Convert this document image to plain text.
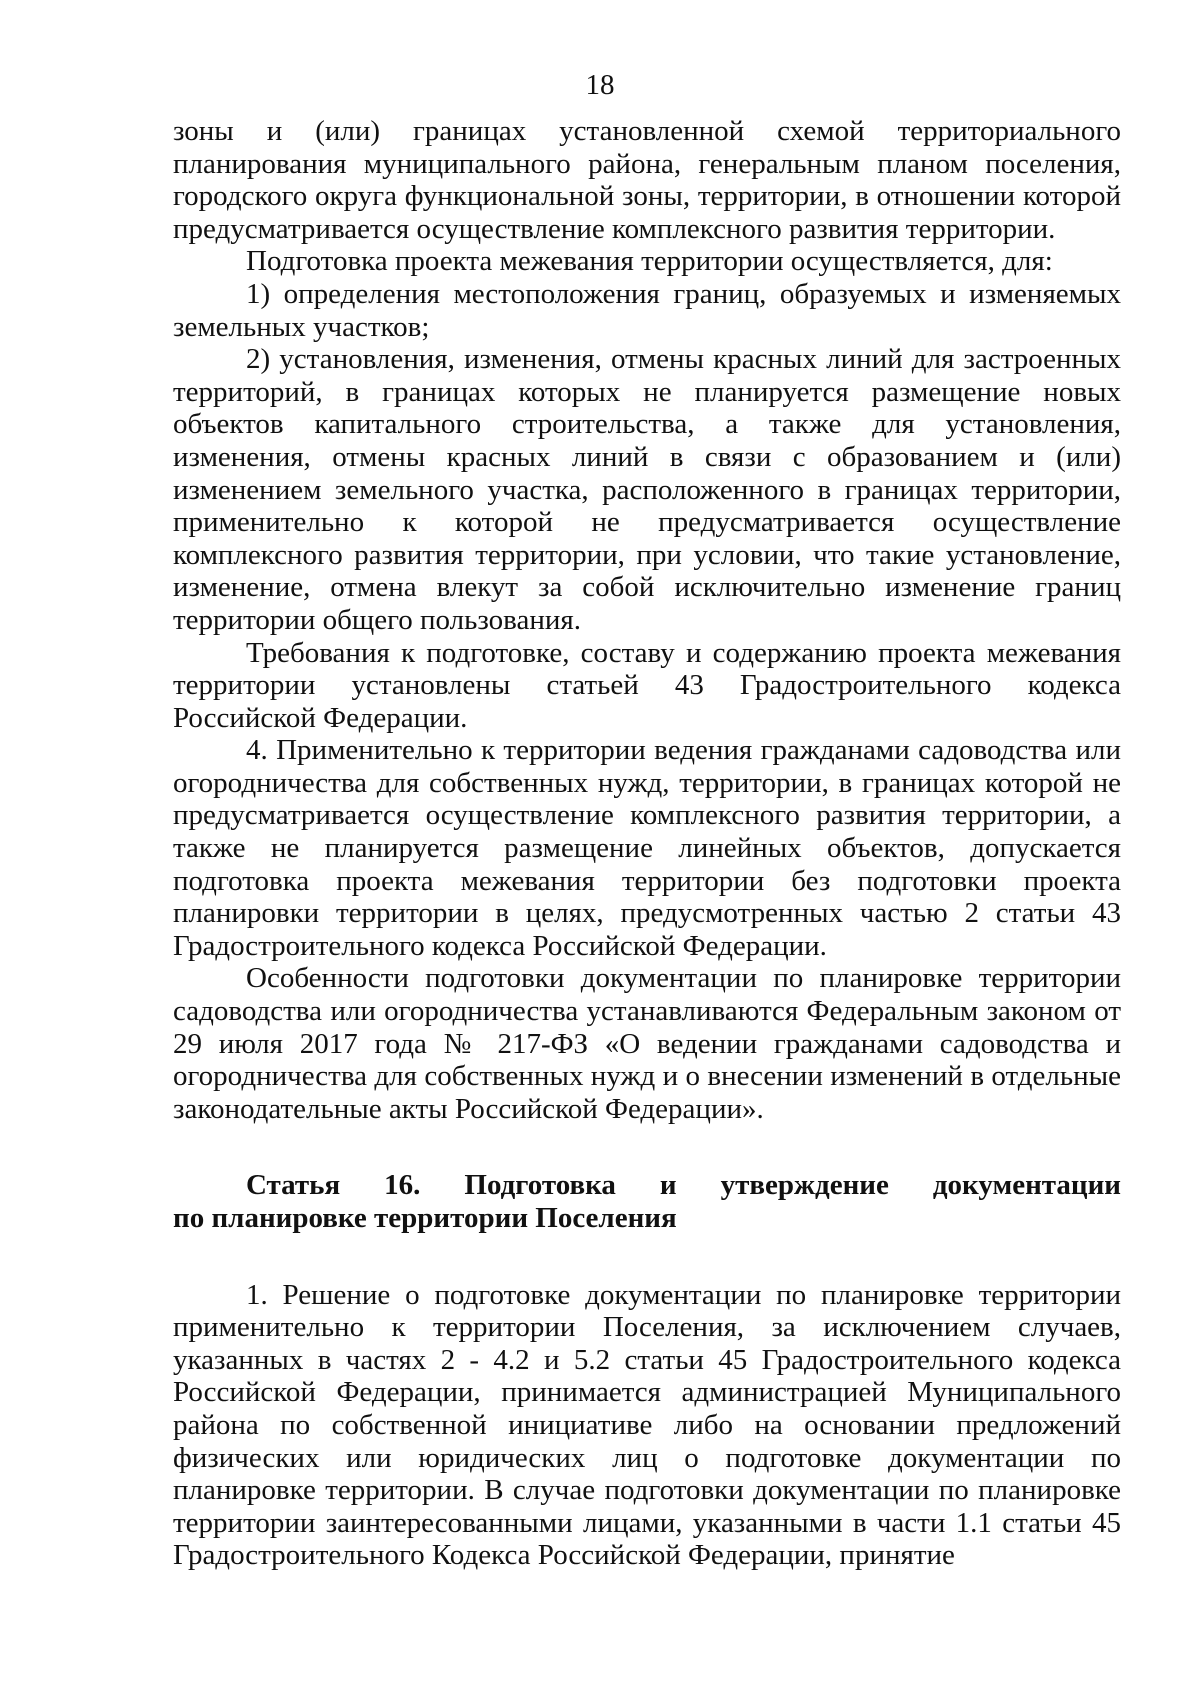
18

зоны и (или) границах установленной схемой территориального планирования муниципального района, генеральным планом поселения, городского округа функциональной зоны, территории, в отношении которой предусматривается осуществление комплексного развития территории.

Подготовка проекта межевания территории осуществляется, для:

1) определения местоположения границ, образуемых и изменяемых земельных участков;

2) установления, изменения, отмены красных линий для застроенных территорий, в границах которых не планируется размещение новых объектов капитального строительства, а также для установления, изменения, отмены красных линий в связи с образованием и (или) изменением земельного участка, расположенного в границах территории, применительно к которой не предусматривается осуществление комплексного развития территории, при условии, что такие установление, изменение, отмена влекут за собой исключительно изменение границ территории общего пользования.

Требования к подготовке, составу и содержанию проекта межевания территории установлены статьей 43 Градостроительного кодекса Российской Федерации.

4. Применительно к территории ведения гражданами садоводства или огородничества для собственных нужд, территории, в границах которой не предусматривается осуществление комплексного развития территории, а также не планируется размещение линейных объектов, допускается подготовка проекта межевания территории без подготовки проекта планировки территории в целях, предусмотренных частью 2 статьи 43 Градостроительного кодекса Российской Федерации.

Особенности подготовки документации по планировке территории садоводства или огородничества устанавливаются Федеральным законом от 29 июля 2017 года № 217-ФЗ «О ведении гражданами садоводства и огородничества для собственных нужд и о внесении изменений в отдельные законодательные акты Российской Федерации».

Статья 16. Подготовка и утверждение документации
по планировке территории Поселения

1. Решение о подготовке документации по планировке территории применительно к территории Поселения, за исключением случаев, указанных в частях 2 - 4.2 и 5.2 статьи 45 Градостроительного кодекса Российской Федерации, принимается администрацией Муниципального района по собственной инициативе либо на основании предложений физических или юридических лиц о подготовке документации по планировке территории. В случае подготовки документации по планировке территории заинтересованными лицами, указанными в части 1.1 статьи 45 Градостроительного Кодекса Российской Федерации, принятие
